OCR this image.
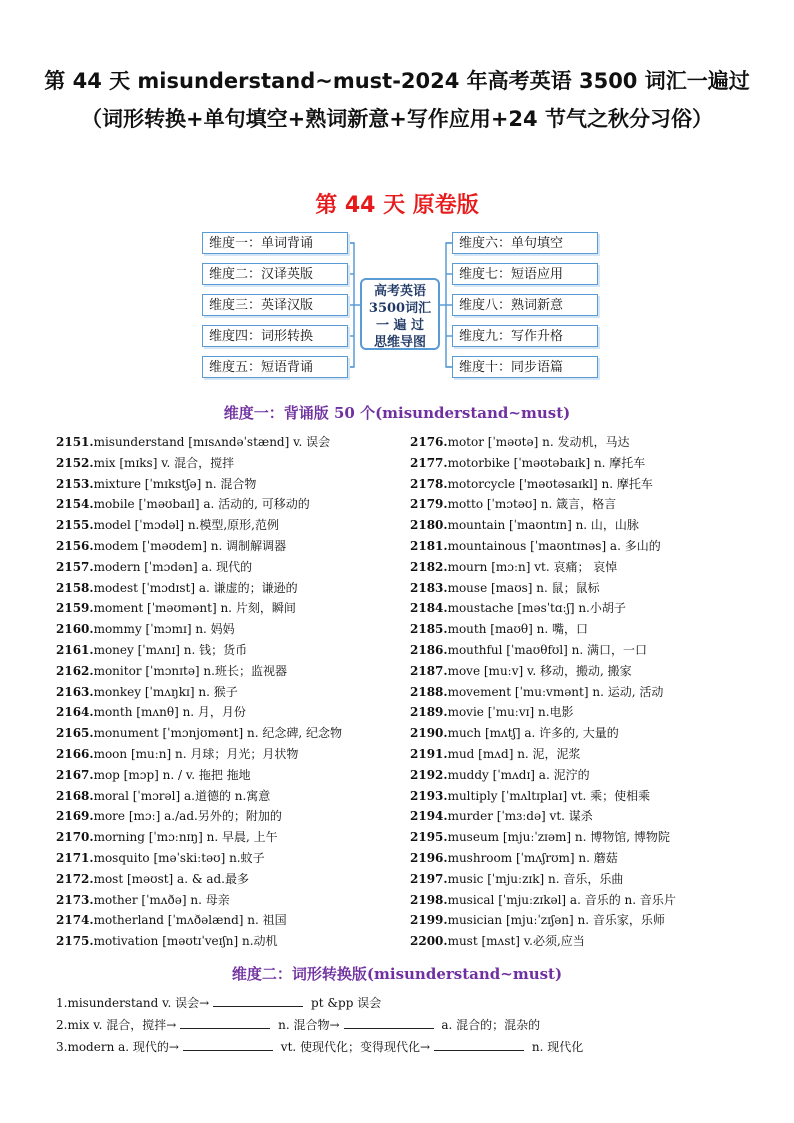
第 44 天 misunderstand~must-2024 年高考英语 3500 词汇一遍过（词形转换+单句填空+熟词新意+写作应用+24 节气之秋分习俗）
第 44 天 原卷版
维度一：单词背诵
维度二：汉译英版
维度三：英译汉版
维度四：词形转换
维度五：短语背诵
维度六：单句填空
维度七：短语应用
维度八：熟词新意
维度九：写作升格
维度十：同步语篇
高考英语
3500词汇
一 遍 过
思维导图
维度一：背诵版 50 个(misunderstand~must)
2151.misunderstand [mɪsʌndəˈstænd] v. 误会
2152.mix [mɪks] v. 混合，搅拌
2153.mixture [ˈmɪkstʃə] n. 混合物
2154.mobile [ˈməʊbaɪl] a. 活动的, 可移动的
2155.model [ˈmɔdəl] n.模型,原形,范例
2156.modem [ˈməʊdem] n. 调制解调器
2157.modern [ˈmɔdən] a. 现代的
2158.modest [ˈmɔdɪst] a. 谦虚的；谦逊的
2159.moment [ˈməʊmənt] n. 片刻，瞬间
2160.mommy [ˈmɔmɪ] n. 妈妈
2161.money [ˈmʌnɪ] n. 钱；货币
2162.monitor [ˈmɔnɪtə] n.班长；监视器
2163.monkey [ˈmʌŋkɪ] n. 猴子
2164.month [mʌnθ] n. 月，月份
2165.monument [ˈmɔnjʊmənt] n. 纪念碑, 纪念物
2166.moon [muːn] n. 月球；月光；月状物
2167.mop [mɔp] n. / v. 拖把 拖地
2168.moral [ˈmɔrəl] a.道德的 n.寓意
2169.more [mɔː] a./ad.另外的；附加的
2170.morning [ˈmɔːnɪŋ] n. 早晨, 上午
2171.mosquito [məˈskiːtəʊ] n.蚊子
2172.most [məʊst] a. & ad.最多
2173.mother [ˈmʌðə] n. 母亲
2174.motherland [ˈmʌðəlænd] n. 祖国
2175.motivation [məʊtɪˈveɪʃn] n.动机
2176.motor [ˈməʊtə] n. 发动机，马达
2177.motorbike [ˈməʊtəbaɪk] n. 摩托车
2178.motorcycle ['məʊtəsaɪkl] n. 摩托车
2179.motto [ˈmɔtəʊ] n. 箴言，格言
2180.mountain [ˈmaʊntɪn] n. 山，山脉
2181.mountainous [ˈmaʊntɪnəs] a. 多山的
2182.mourn [mɔːn] vt. 哀痛； 哀悼
2183.mouse [maʊs] n. 鼠；鼠标
2184.moustache [məsˈtɑːʃ] n.小胡子
2185.mouth [maʊθ] n. 嘴，口
2186.mouthful [ˈmaʊθfʊl] n. 满口，一口
2187.move [muːv] v. 移动，搬动, 搬家
2188.movement [ˈmuːvmənt] n. 运动, 活动
2189.movie [ˈmuːvɪ] n.电影
2190.much [mʌtʃ] a. 许多的, 大量的
2191.mud [mʌd] n. 泥，泥浆
2192.muddy [ˈmʌdɪ] a. 泥泞的
2193.multiply [ˈmʌltɪplaɪ] vt. 乘；使相乘
2194.murder [ˈmɜːdə] vt. 谋杀
2195.museum [mjuːˈzɪəm] n. 博物馆, 博物院
2196.mushroom [ˈmʌʃrʊm] n. 蘑菇
2197.music [ˈmjuːzɪk] n. 音乐，乐曲
2198.musical [ˈmjuːzɪkəl] a. 音乐的 n. 音乐片
2199.musician [mjuːˈzɪʃən] n. 音乐家，乐师
2200.must [mʌst] v.必须,应当
维度二：词形转换版(misunderstand~must)
1.misunderstand v. 误会→	pt &pp 误会
2.mix v. 混合，搅拌→	n. 混合物→	a. 混合的；混杂的
3.modern a. 现代的→	vt. 使现代化；变得现代化→	n. 现代化
